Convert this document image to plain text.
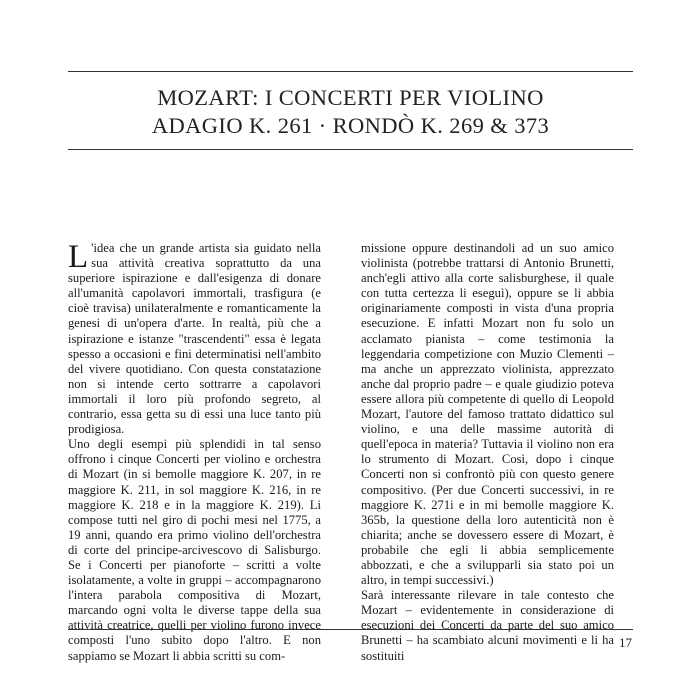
MOZART: I CONCERTI PER VIOLINO
ADAGIO K. 261 · RONDÒ K. 269 & 373

L 'idea che un grande artista sia guidato nella sua attività creativa soprattutto da una superiore ispirazione e dall'esigenza di donare all'umanità capolavori immortali, trasfigura (e cioè travisa) unilateralmente e romanticamente la genesi di un'opera d'arte. In realtà, più che a ispirazione e istanze "trascendenti" essa è legata spesso a occasioni e fini determinatisi nell'ambito del vivere quotidiano. Con questa constatazione non si intende certo sottrarre a capolavori immortali il loro più profondo segreto, al contrario, essa getta su di essi una luce tanto più prodigiosa.

Uno degli esempi più splendidi in tal senso offrono i cinque Concerti per violino e orchestra di Mozart (in si bemolle maggiore K. 207, in re maggiore K. 211, in sol maggiore K. 216, in re maggiore K. 218 e in la maggiore K. 219). Li compose tutti nel giro di pochi mesi nel 1775, a 19 anni, quando era primo violino dell'orchestra di corte del principe-arcivescovo di Salisburgo. Se i Concerti per pianoforte – scritti a volte isolatamente, a volte in gruppi – accompagnarono l'intera parabola compositiva di Mozart, marcando ogni volta le diverse tappe della sua attività creatrice, quelli per violino furono invece composti l'uno subito dopo l'altro. E non sappiamo se Mozart li abbia scritti su com-

missione oppure destinandoli ad un suo amico violinista (potrebbe trattarsi di Antonio Brunetti, anch'egli attivo alla corte salisburghese, il quale con tutta certezza li eseguì), oppure se li abbia originariamente composti in vista d'una propria esecuzione. E infatti Mozart non fu solo un acclamato pianista – come testimonia la leggendaria competizione con Muzio Clementi – ma anche un apprezzato violinista, apprezzato anche dal proprio padre – e quale giudizio poteva essere allora più competente di quello di Leopold Mozart, l'autore del famoso trattato didattico sul violino, e una delle massime autorità di quell'epoca in materia? Tuttavia il violino non era lo strumento di Mozart. Così, dopo i cinque Concerti non si confrontò più con questo genere compositivo. (Per due Concerti successivi, in re maggiore K. 271i e in mi bemolle maggiore K. 365b, la questione della loro autenticità non è chiarita; anche se dovessero essere di Mozart, è probabile che egli li abbia semplicemente abbozzati, e che a svilupparli sia stato poi un altro, in tempi successivi.)

Sarà interessante rilevare in tale contesto che Mozart – evidentemente in considerazione di esecuzioni dei Concerti da parte del suo amico Brunetti – ha scambiato alcuni movimenti e li ha sostituiti

17
